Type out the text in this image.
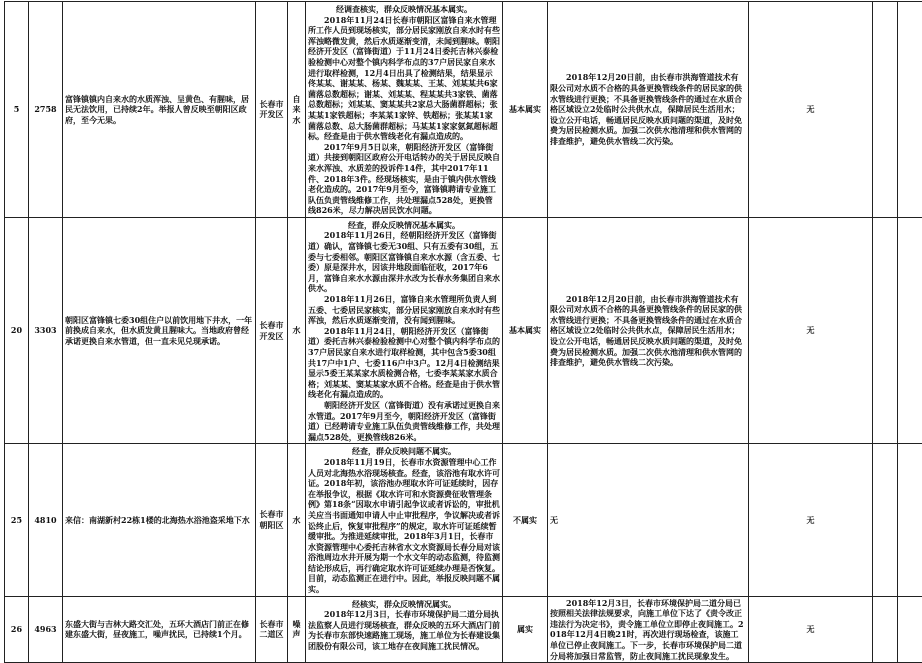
5	2758	富锋镇镇内自来水的水质浑浊、呈黄色、有腥味，居民无法饮用，已持续2年。举报人曾反映至朝阳区政府，至今无果。	长春市开发区	自来水	经调查核实，群众反映情况基本属实。

2018年11月24日长春市朝阳区富锋自来水管理所工作人员到现场核实，部分居民家刚放自来水时有些浑浊略微发黄，然后水质逐渐变清，未闻到腥味。朝阳经济开发区（富锋街道）于11月24日委托吉林兴泰检验检测中心对整个镇内科学布点的37户居民家自来水进行取样检测，12月4日出具了检测结果，结果显示佟某某、谢某某、杨某、魏某某、王某、刘某某共6家菌落总数超标；谢某、刘某某、程某某共3家铁、菌落总数超标；刘某某、窦某某共2家总大肠菌群超标；张某某1家铁超标；李某某1家锌、铁超标；张某某1家菌落总数、总大肠菌群超标；马某某1家家氨氮超标超标。经查是由于供水管线老化有漏点造成的。

2017年9月5日以来，朝阳经济开发区（富锋街道）共接到朝阳区政府公开电话转办的关于居民反映自来水浑浊、水质差的投诉件14件，其中2017年11件、2018年3件。经现场核实，是由于镇内供水管线老化造成的。2017年9月至今，富锋镇聘请专业施工队伍负责管线维修工作，共处理漏点528处，更换管线826米，尽力解决居民饮水问题。	基本属实	2018年12月20日前，由长春市洪海管道技术有限公司对水质不合格的具备更换管线条件的居民家的供水管线进行更换；不具备更换管线条件的通过在水质合格区域设立2处临时公共供水点，保障居民生活用水；设立公开电话，畅通居民反映水质问题的渠道，及时免费为居民检测水质。加强二次供水池清理和供水管网的排查维护，避免供水管线二次污染。	无		
20	3303	朝阳区富锋镇七委30组住户以前饮用地下井水，一年前换成自来水，但水质发黄且腥味大。当地政府曾经承诺更换自来水管道，但一直未见兑现承诺。	长春市开发区	水	经查，群众反映情况基本属实。

2018年11月26日，经朝阳经济开发区（富锋街道）确认，富锋镇七委无30组、只有五委有30组，五委与七委相邻。朝阳区富锋镇自来水水源（含五委、七委）原是深井水，因该井地段面临征收，2017年6月，富锋自来水水源由深井水改为长春水务集团自来水供水。

2018年11月26日，富锋自来水管理所负责人到五委、七委居民家核实，部分居民家刚放自来水时有些浑浊，然后水质逐渐变清，没有闻到腥味。

2018年11月24日，朝阳经济开发区（富锋街道）委托吉林兴泰检验检测中心对整个镇内科学布点的37户居民家自来水进行取样检测，其中包含5委30组共17户中1户、七委116户中3户。12月4日检测结果显示5委王某某家水质检测合格，七委李某某家水质合格；刘某某、窦某某家水质不合格。经查是由于供水管线老化有漏点造成的。

朝阳经济开发区（富锋街道）没有承诺过更换自来水管道。2017年9月至今，朝阳经济开发区（富锋街道）已经聘请专业施工队伍负责管线维修工作，共处理漏点528处，更换管线826米。	基本属实	2018年12月20日前，由长春市洪海管道技术有限公司对水质不合格的具备更换管线条件的居民家的供水管线进行更换；不具备更换管线条件的通过在水质合格区域设立2处临时公共供水点，保障居民生活用水；设立公开电话，畅通居民反映水质问题的渠道，及时免费为居民检测水质。加强二次供水池清理和供水管网的排查维护，避免供水管线二次污染。	无		
25	4810	来信：南湖新村22栋1楼的北海热水浴池盗采地下水	长春市朝阳区	水	经查，群众反映问题不属实。

2018年11月19日，长春市水资源管理中心工作人员对北海热水浴现场核查。经查，该浴池有取水许可证。2018年初，该浴池办理取水许可证延续时，因存在举报争议，根据《取水许可和水资源费征收管理条例》第18条“因取水申请引起争议或者诉讼的，审批机关应当书面通知申请人中止审批程序，争议解决或者诉讼终止后，恢复审批程序”的规定，取水许可证延续暂缓审批。为推进延续审批，2018年3月1日，长春市水资源管理中心委托吉林省水文水资源局长春分局对该浴池周边水井开展为期一个水文年的动态监测，待监测结论形成后，再行确定取水许可证延续办理是否恢复。目前，动态监测正在进行中。因此，举报反映问题不属实。	不属实	无	无		
26	4963	东盛大街与吉林大路交汇处，五环大酒店门前正在修建东盛大街，昼夜施工，噪声扰民，已持续1个月。	长春市二道区	噪声	经核实，群众反映情况属实。

2018年12月3日，长春市环境保护局二道分局执法监察人员进行现场核查，群众反映的五环大酒店门前为长春市东部快速路施工现场，施工单位为长春建设集团股份有限公司，该工地存在夜间施工扰民情况。	属实	2018年12月3日，长春市环境保护局二道分局已按照相关法律法规要求，向施工单位下达了《责令改正违法行为决定书》，责令施工单位立即停止夜间施工。2018年12月4日晚21时，再次进行现场检查，该施工单位已停止夜间施工。下一步，长春市环境保护局二道分局将加强日常监管，防止夜间施工扰民现象发生。	无		
